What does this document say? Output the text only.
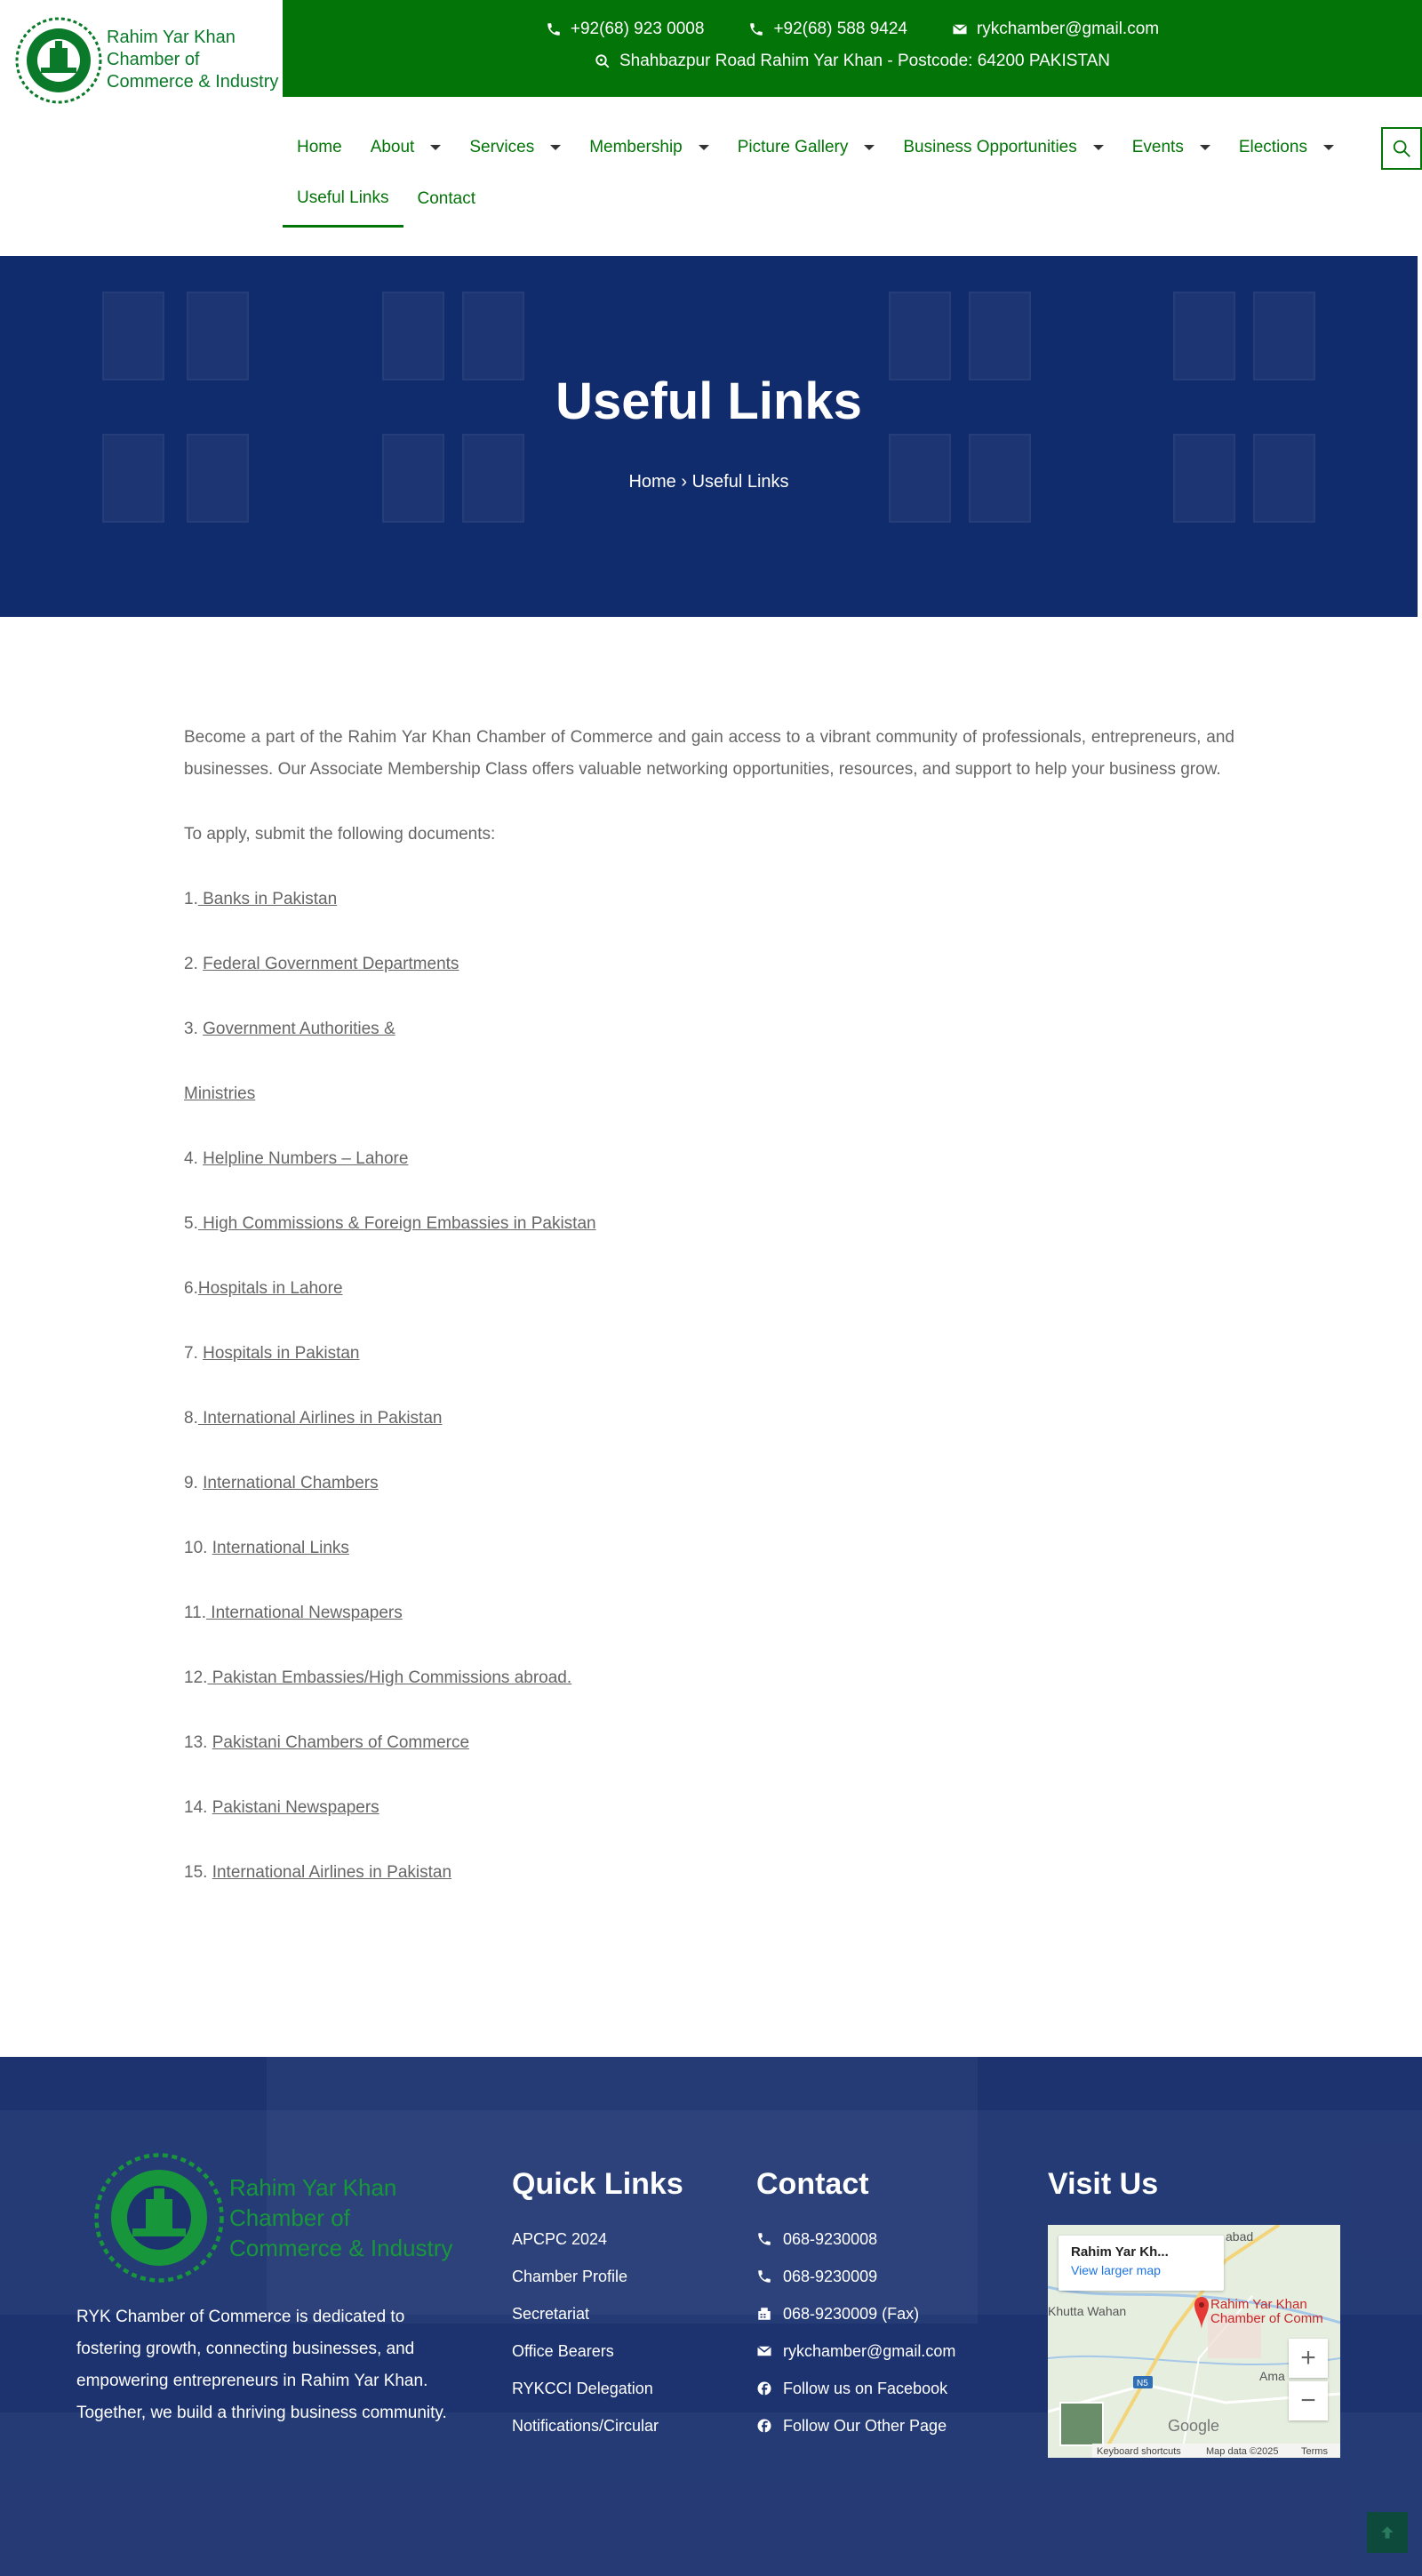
Rahim Yar Khan
Chamber of
Commerce & Industry
+92(68) 923 0008	+92(68) 588 9424	rykchamber@gmail.com
Shahbazpur Road Rahim Yar Khan - Postcode: 64200 PAKISTAN
Home About	Services	Membership	Picture Gallery	Business Opportunities	Events	Elections
Useful Links Contact
Useful Links
Home › Useful Links

Become a part of the Rahim Yar Khan Chamber of Commerce and gain access to a vibrant community of professionals, entrepreneurs, and businesses. Our Associate Membership Class offers valuable networking opportunities, resources, and support to help your business grow.

To apply, submit the following documents:

1. Banks in Pakistan

2. Federal Government Departments

3. Government Authorities &

Ministries

4. Helpline Numbers – Lahore

5. High Commissions & Foreign Embassies in Pakistan

6.Hospitals in Lahore

7. Hospitals in Pakistan

8. International Airlines in Pakistan

9. International Chambers

10. International Links

11. International Newspapers

12. Pakistan Embassies/High Commissions abroad.

13. Pakistani Chambers of Commerce

14. Pakistani Newspapers

15. International Airlines in Pakistan

Rahim Yar Khan
Chamber of
Commerce & Industry

RYK Chamber of Commerce is dedicated to fostering growth, connecting businesses, and empowering entrepreneurs in Rahim Yar Khan. Together, we build a thriving business community.

Quick Links
APCPC 2024
Chamber Profile
Secretariat
Office Bearers
RYKCCI Delegation
Notifications/Circular
Contact
068-9230008
068-9230009
068-9230009 (Fax)
rykchamber@gmail.com
Follow us on Facebook
Follow Our Other Page
Visit Us
Rahim Yar Khan
Chamber of Comm
Khutta Wahan
N5
Ama
abad
Google
Keyboard shortcuts	Map data ©2025 Terms
Rahim Yar Kh...
View larger map
+
−
